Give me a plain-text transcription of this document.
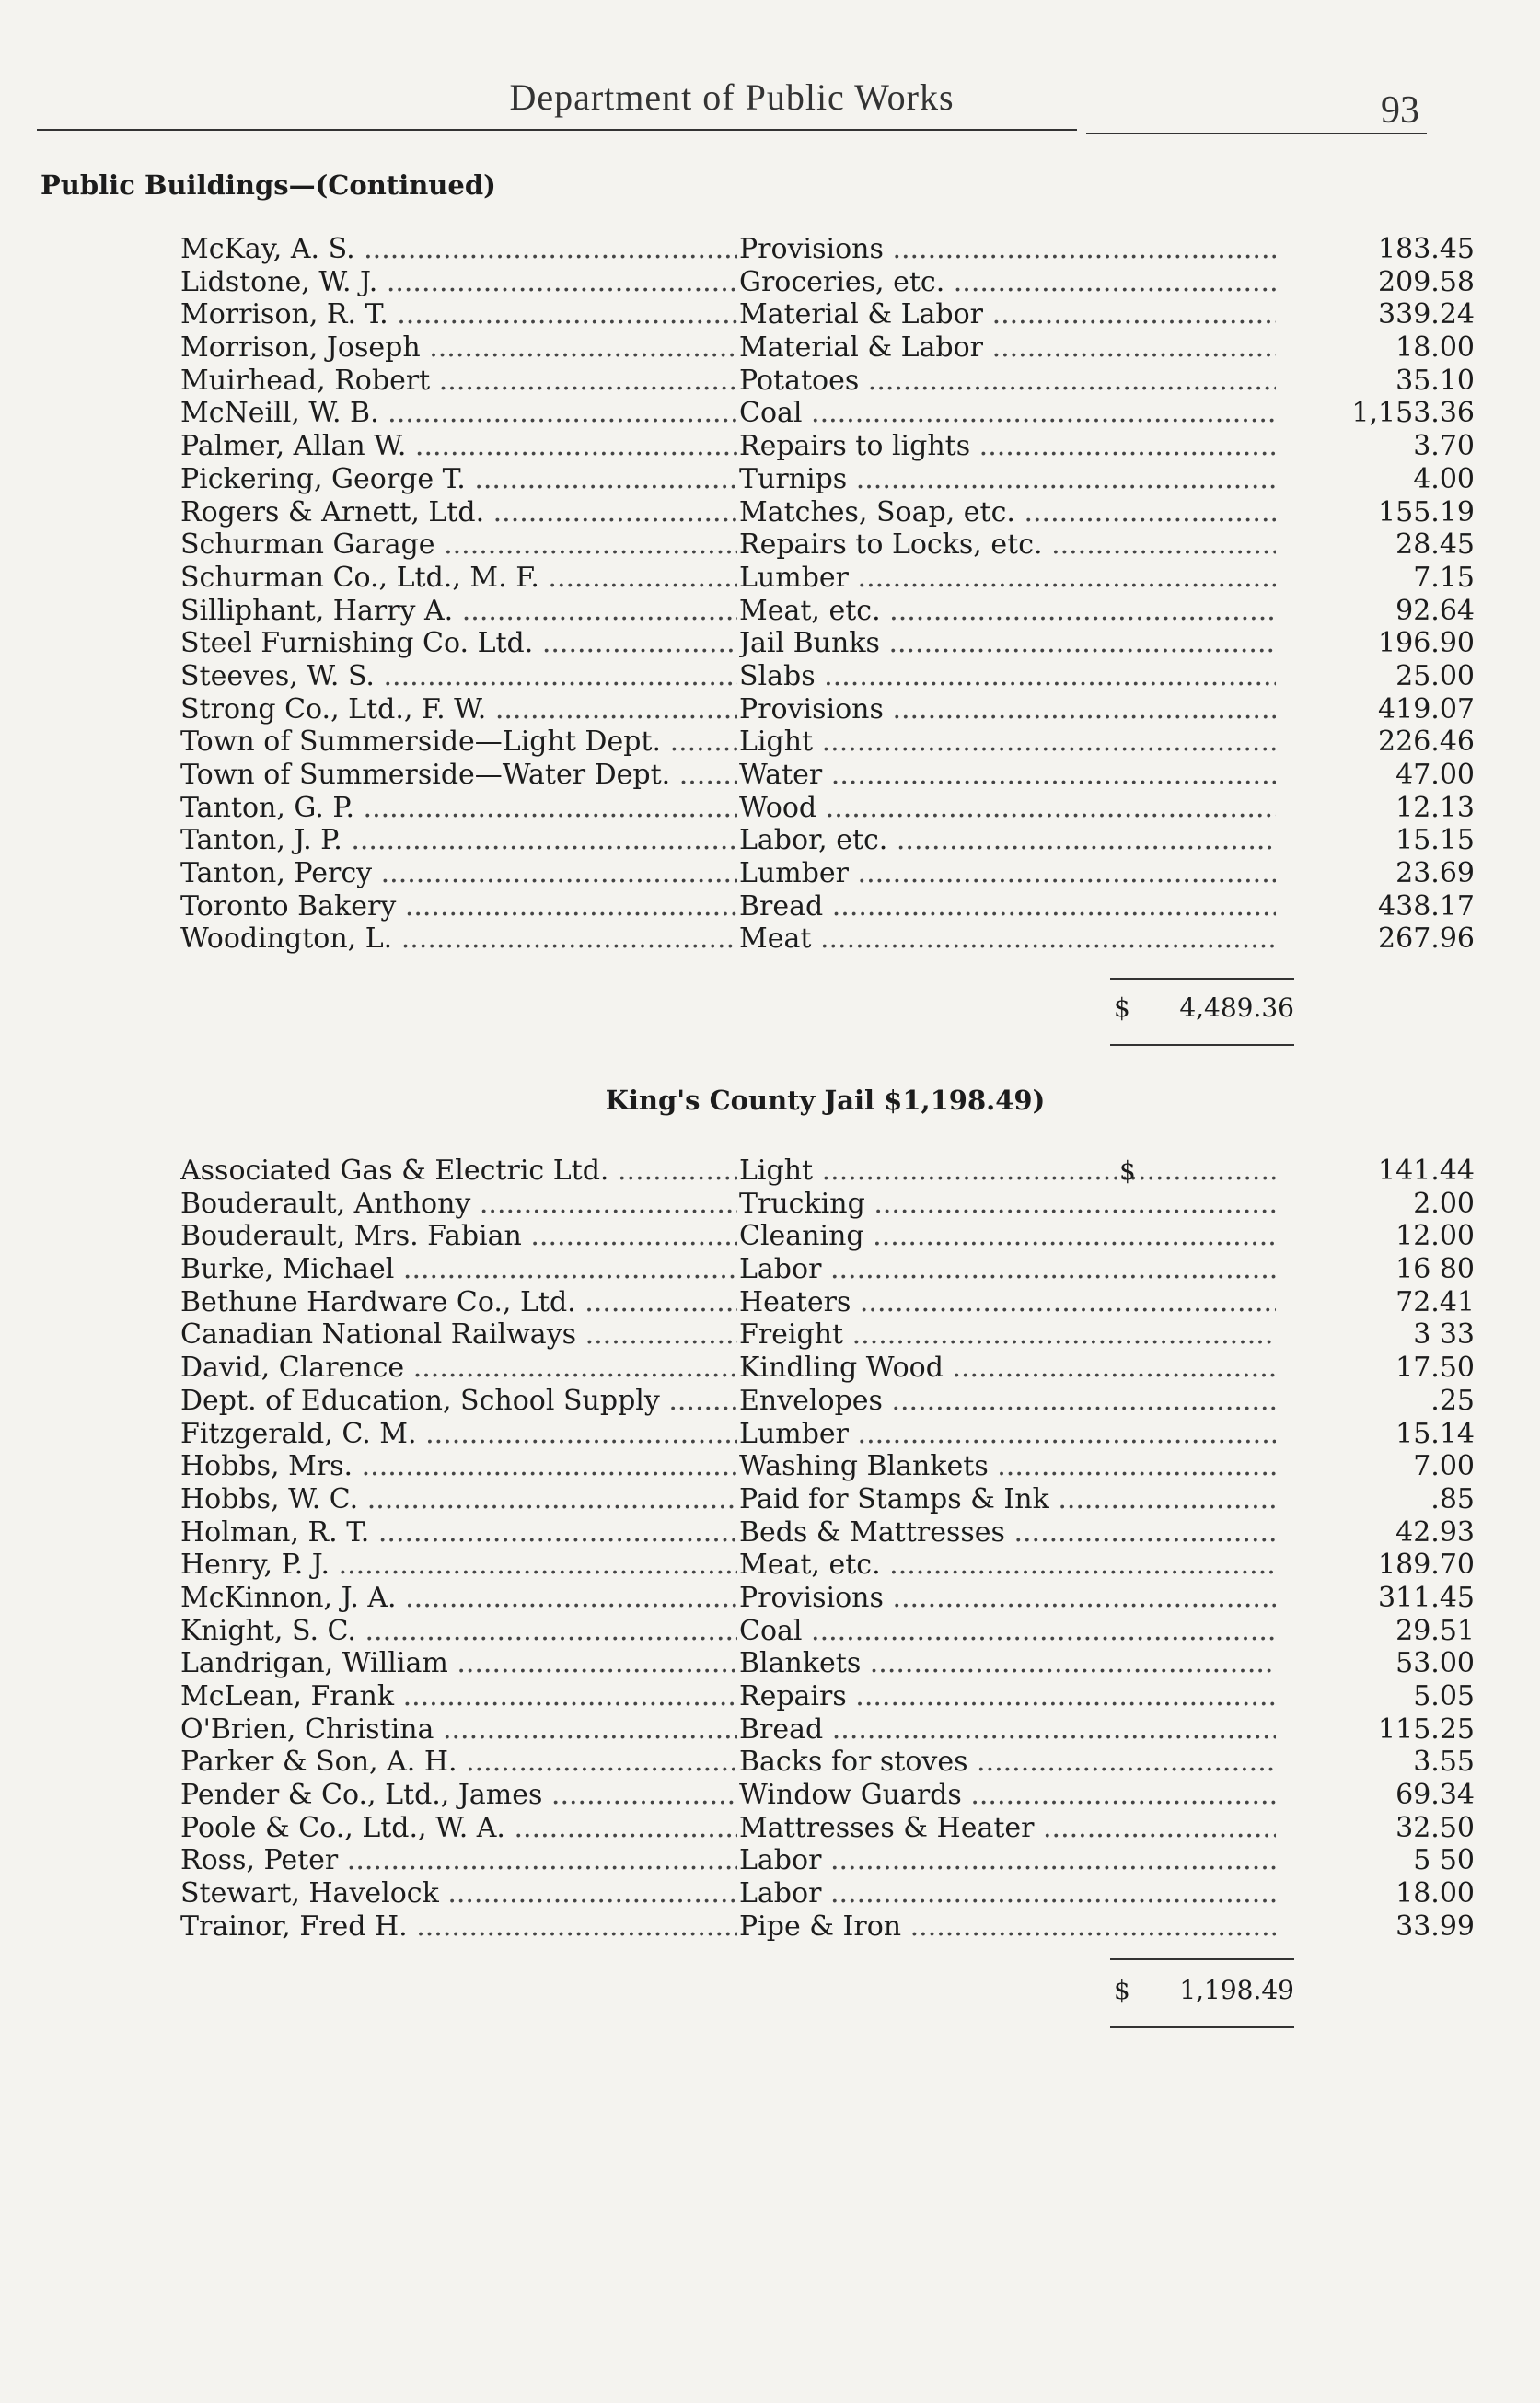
Department of Public Works	93
Public Buildings—(Continued)
McKay, A. S. .....	Provisions .....	183.45
Lidstone, W. J. .....	Groceries, etc. .....	209.58
Morrison, R. T. .....	Material & Labor .....	339.24
Morrison, Joseph .....	Material & Labor .....	18.00
Muirhead, Robert .....	Potatoes .....	35.10
McNeill, W. B. .....	Coal .....	1,153.36
Palmer, Allan W. .....	Repairs to lights .....	3.70
Pickering, George T. .....	Turnips .....	4.00
Rogers & Arnett, Ltd. .....	Matches, Soap, etc. .....	155.19
Schurman Garage .....	Repairs to Locks, etc. .....	28.45
Schurman Co., Ltd., M. F. .....	Lumber .....	7.15
Silliphant, Harry A. .....	Meat, etc. .....	92.64
Steel Furnishing Co. Ltd. .....	Jail Bunks .....	196.90
Steeves, W. S. .....	Slabs .....	25.00
Strong Co., Ltd., F. W. .....	Provisions .....	419.07
Town of Summerside—Light Dept. .....	Light .....	226.46
Town of Summerside—Water Dept. .....	Water .....	47.00
Tanton, G. P. .....	Wood .....	12.13
Tanton, J. P. .....	Labor, etc. .....	15.15
Tanton, Percy .....	Lumber .....	23.69
Toronto Bakery .....	Bread .....	438.17
Woodington, L. .....	Meat .....	267.96
$ 4,489.36
King's County Jail $1,198.49)
Associated Gas & Electric Ltd. .....	Light .....	141.44
$
Bouderault, Anthony .....	Trucking .....	2.00
Bouderault, Mrs. Fabian .....	Cleaning .....	12.00
Burke, Michael .....	Labor .....	16 80
Bethune Hardware Co., Ltd. .....	Heaters .....	72.41
Canadian National Railways .....	Freight .....	3 33
David, Clarence .....	Kindling Wood .....	17.50
Dept. of Education, School Supply .....	Envelopes .....	.25
Fitzgerald, C. M. .....	Lumber .....	15.14
Hobbs, Mrs. .....	Washing Blankets .....	7.00
Hobbs, W. C. .....	Paid for Stamps & Ink .....	.85
Holman, R. T. .....	Beds & Mattresses .....	42.93
Henry, P. J. .....	Meat, etc. .....	189.70
McKinnon, J. A. .....	Provisions .....	311.45
Knight, S. C. .....	Coal .....	29.51
Landrigan, William .....	Blankets .....	53.00
McLean, Frank .....	Repairs .....	5.05
O'Brien, Christina .....	Bread .....	115.25
Parker & Son, A. H. .....	Backs for stoves .....	3.55
Pender & Co., Ltd., James .....	Window Guards .....	69.34
Poole & Co., Ltd., W. A. .....	Mattresses & Heater .....	32.50
Ross, Peter .....	Labor .....	5 50
Stewart, Havelock .....	Labor .....	18.00
Trainor, Fred H. .....	Pipe & Iron .....	33.99
$ 1,198.49
